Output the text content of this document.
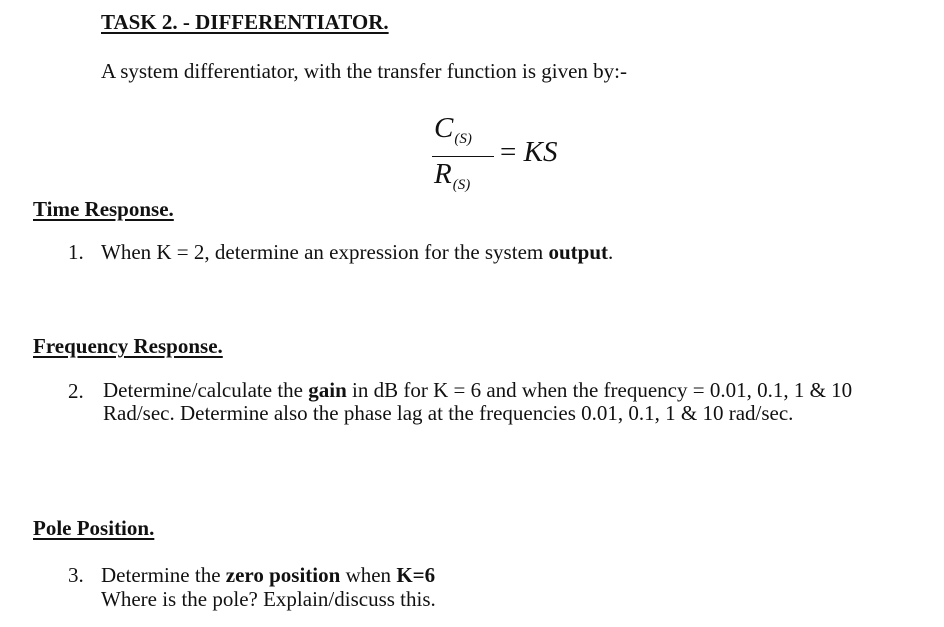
TASK 2. - DIFFERENTIATOR.
A system differentiator, with the transfer function is given by:-
$C_{(S)}$
$R_{(S)}$
= KS
Time Response.
1. When K = 2, determine an expression for the system output.
Frequency Response.
2. Determine/calculate the gain in dB for K = 6 and when the frequency = 0.01, 0.1, 1 & 10 Rad/sec. Determine also the phase lag at the frequencies 0.01, 0.1, 1 & 10 rad/sec.
Pole Position.
3. Determine the zero position when K=6
Where is the pole? Explain/discuss this.
